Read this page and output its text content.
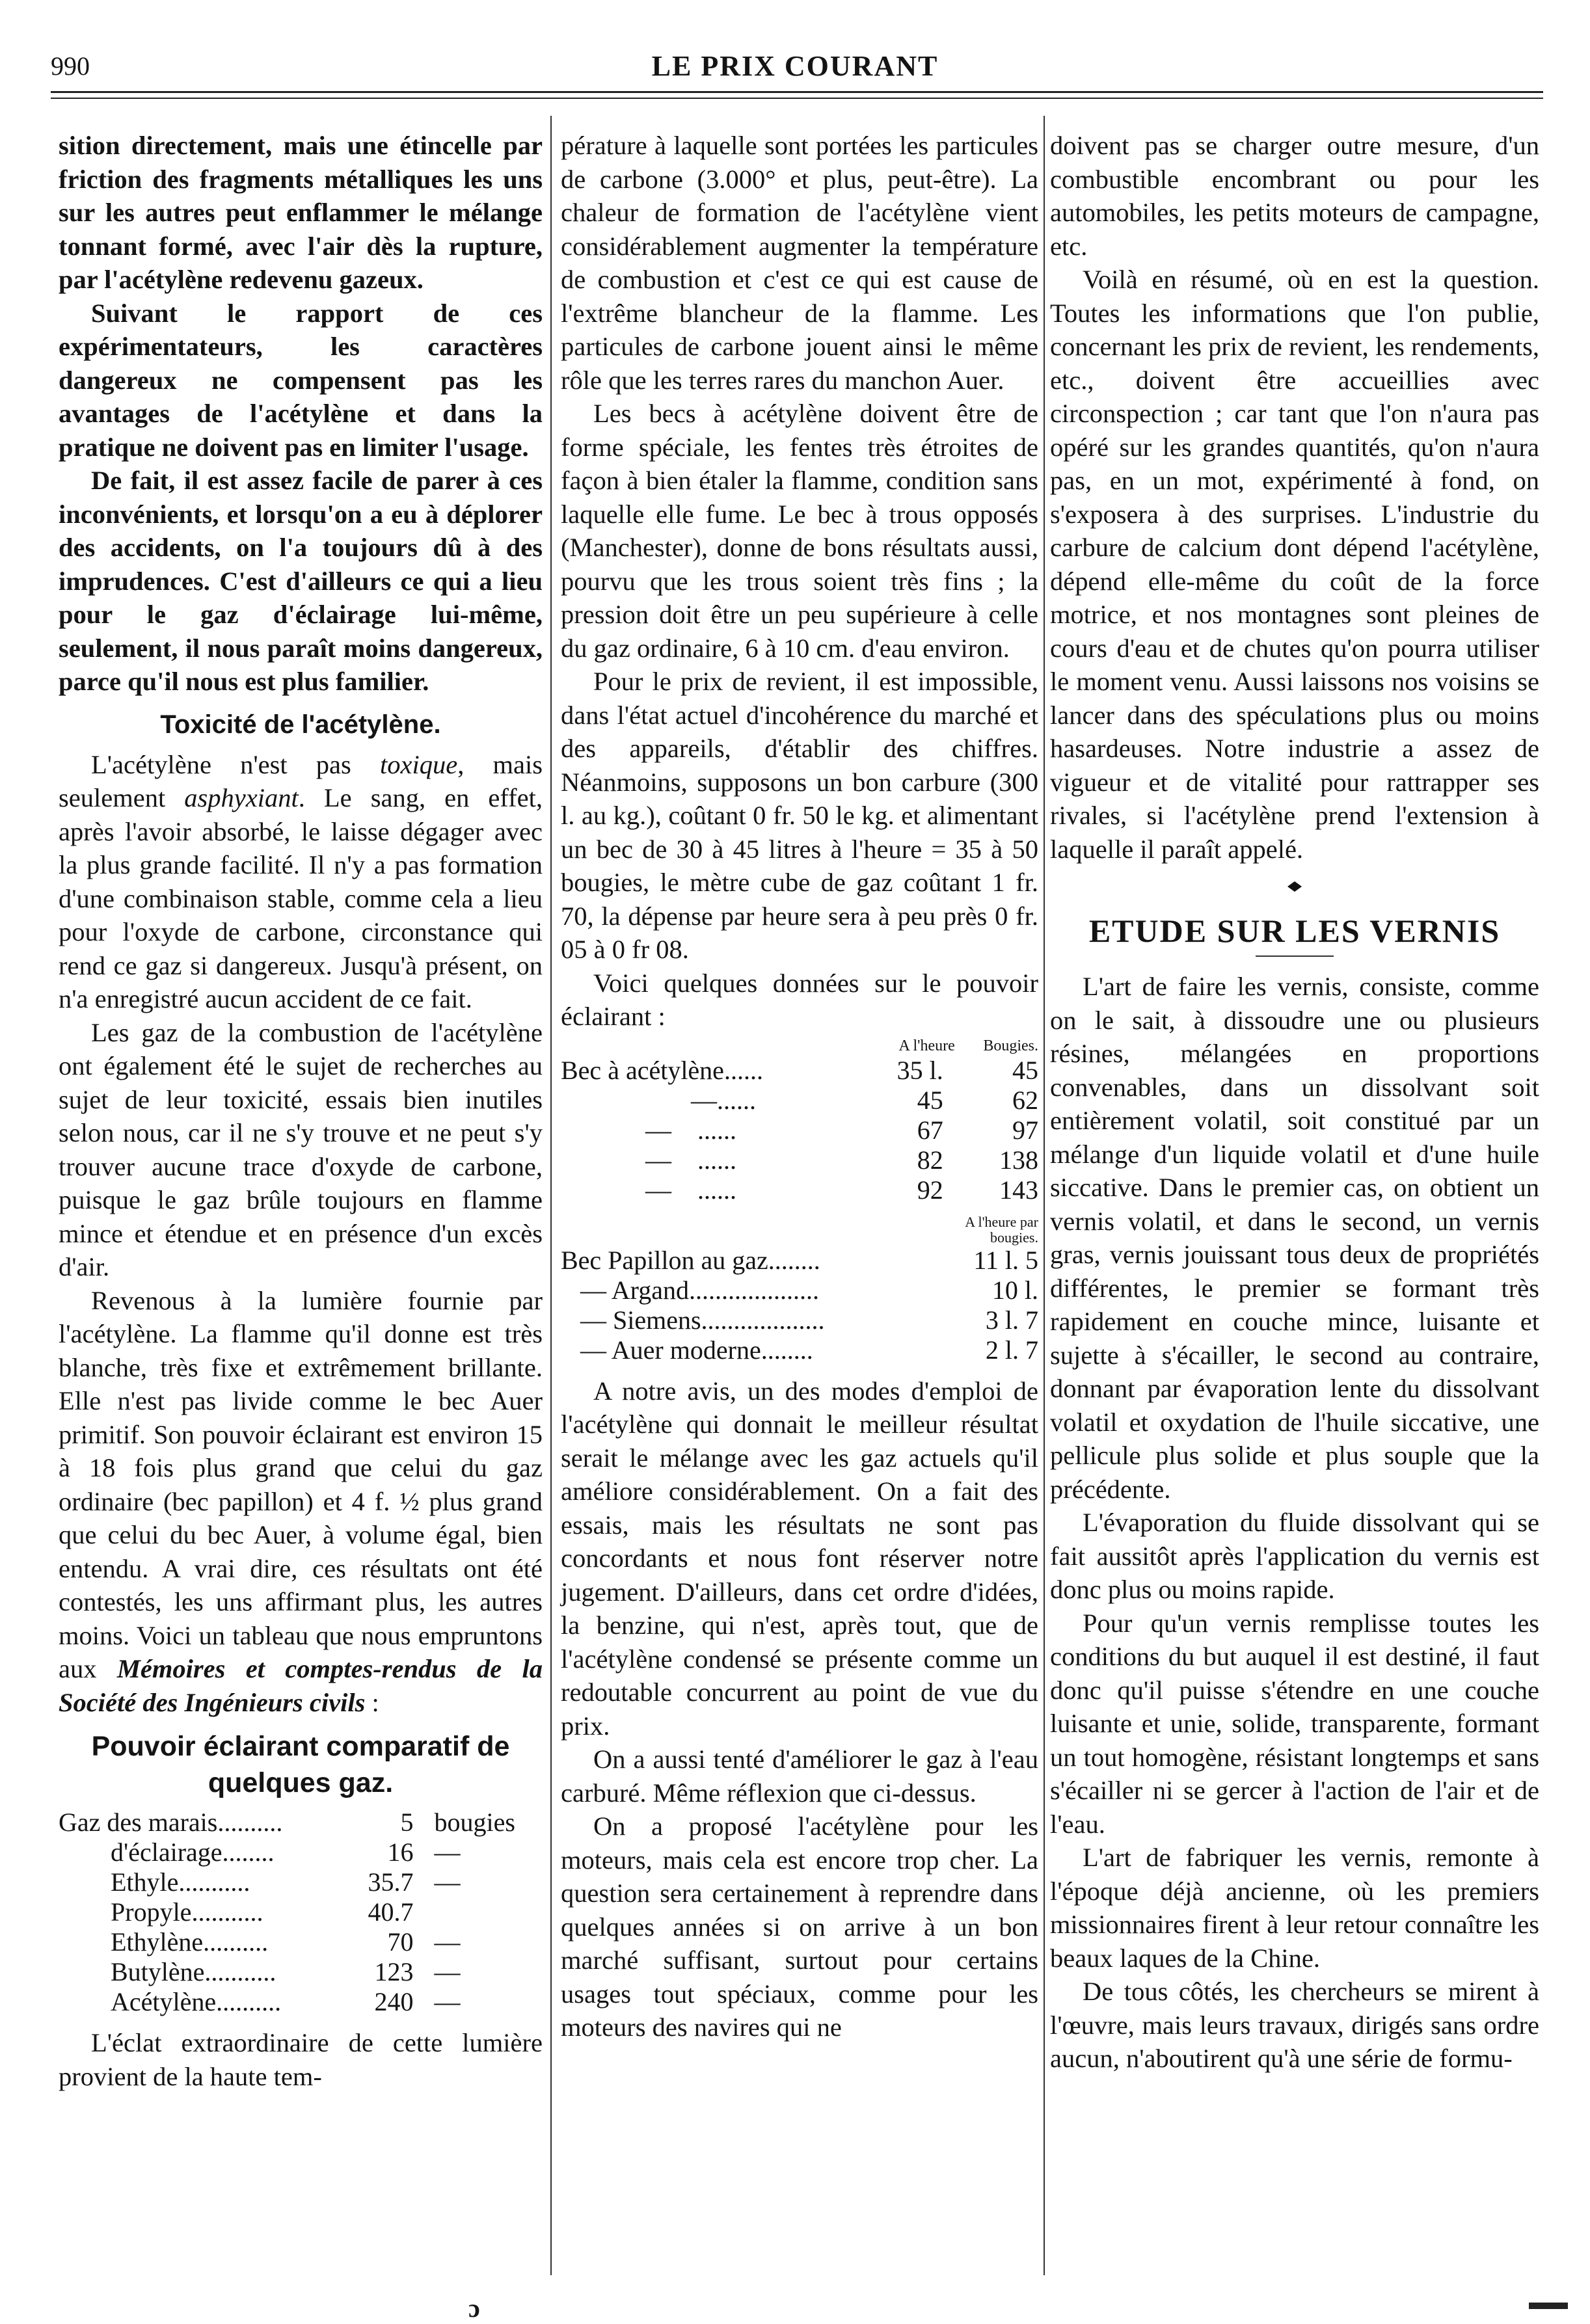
990	LE PRIX COURANT

sition directement, mais une étincelle par friction des fragments métalliques les uns sur les autres peut enflammer le mélange tonnant formé, avec l'air dès la rupture, par l'acétylène redevenu gazeux.

Suivant le rapport de ces expérimentateurs, les caractères dangereux ne compensent pas les avantages de l'acétylène et dans la pratique ne doivent pas en limiter l'usage.

De fait, il est assez facile de parer à ces inconvénients, et lorsqu'on a eu à déplorer des accidents, on l'a toujours dû à des imprudences. C'est d'ailleurs ce qui a lieu pour le gaz d'éclairage lui-même, seulement, il nous paraît moins dangereux, parce qu'il nous est plus familier.

Toxicité de l'acétylène.

L'acétylène n'est pas toxique, mais seulement asphyxiant. Le sang, en effet, après l'avoir absorbé, le laisse dégager avec la plus grande facilité. Il n'y a pas formation d'une combinaison stable, comme cela a lieu pour l'oxyde de carbone, circonstance qui rend ce gaz si dangereux. Jusqu'à présent, on n'a enregistré aucun accident de ce fait.

Les gaz de la combustion de l'acétylène ont également été le sujet de recherches au sujet de leur toxicité, essais bien inutiles selon nous, car il ne s'y trouve et ne peut s'y trouver aucune trace d'oxyde de carbone, puisque le gaz brûle toujours en flamme mince et étendue et en présence d'un excès d'air.

Revenous à la lumière fournie par l'acétylène. La flamme qu'il donne est très blanche, très fixe et extrêmement brillante. Elle n'est pas livide comme le bec Auer primitif. Son pouvoir éclairant est environ 15 à 18 fois plus grand que celui du gaz ordinaire (bec papillon) et 4 f. ½ plus grand que celui du bec Auer, à volume égal, bien entendu. A vrai dire, ces résultats ont été contestés, les uns affirmant plus, les autres moins. Voici un tableau que nous empruntons aux Mémoires et comptes-rendus de la Société des Ingénieurs civils :

Pouvoir éclairant comparatif de quelques gaz.
Gaz des marais..........	5	bougies
d'éclairage........	16	—
Ethyle...........	35.7	—
Propyle...........	40.7	
Ethylène..........	70	—
Butylène...........	123	—
Acétylène..........	240	—

L'éclat extraordinaire de cette lumière provient de la haute tem-

pérature à laquelle sont portées les particules de carbone (3.000° et plus, peut-être). La chaleur de formation de l'acétylène vient considérablement augmenter la température de combustion et c'est ce qui est cause de l'extrême blancheur de la flamme. Les particules de carbone jouent ainsi le même rôle que les terres rares du manchon Auer.

Les becs à acétylène doivent être de forme spéciale, les fentes très étroites de façon à bien étaler la flamme, condition sans laquelle elle fume. Le bec à trous opposés (Manchester), donne de bons résultats aussi, pourvu que les trous soient très fins ; la pression doit être un peu supérieure à celle du gaz ordinaire, 6 à 10 cm. d'eau environ.

Pour le prix de revient, il est impossible, dans l'état actuel d'incohérence du marché et des appareils, d'établir des chiffres. Néanmoins, supposons un bon carbure (300 l. au kg.), coûtant 0 fr. 50 le kg. et alimentant un bec de 30 à 45 litres à l'heure = 35 à 50 bougies, le mètre cube de gaz coûtant 1 fr. 70, la dépense par heure sera à peu près 0 fr. 05 à 0 fr 08.

Voici quelques données sur le pouvoir éclairant :

	A l'heure	Bougies.
Bec à acétylène......	35 l.	45
—......	45	62
— ......	67	97
— ......	82	138
— ......	92	143
	A l'heure par bougies.
Bec Papillon au gaz........	11 l. 5
— Argand....................	10 l.
— Siemens...................	3 l. 7
— Auer moderne........	2 l. 7

A notre avis, un des modes d'emploi de l'acétylène qui donnait le meilleur résultat serait le mélange avec les gaz actuels qu'il améliore considérablement. On a fait des essais, mais les résultats ne sont pas concordants et nous font réserver notre jugement. D'ailleurs, dans cet ordre d'idées, la benzine, qui n'est, après tout, que de l'acétylène condensé se présente comme un redoutable concurrent au point de vue du prix.

On a aussi tenté d'améliorer le gaz à l'eau carburé. Même réflexion que ci-dessus.

On a proposé l'acétylène pour les moteurs, mais cela est encore trop cher. La question sera certainement à reprendre dans quelques années si on arrive à un bon marché suffisant, surtout pour certains usages tout spéciaux, comme pour les moteurs des navires qui ne

doivent pas se charger outre mesure, d'un combustible encombrant ou pour les automobiles, les petits moteurs de campagne, etc.

Voilà en résumé, où en est la question. Toutes les informations que l'on publie, concernant les prix de revient, les rendements, etc., doivent être accueillies avec circonspection ; car tant que l'on n'aura pas opéré sur les grandes quantités, qu'on n'aura pas, en un mot, expérimenté à fond, on s'exposera à des surprises. L'industrie du carbure de calcium dont dépend l'acétylène, dépend elle-même du coût de la force motrice, et nos montagnes sont pleines de cours d'eau et de chutes qu'on pourra utiliser le moment venu. Aussi laissons nos voisins se lancer dans des spéculations plus ou moins hasardeuses. Notre industrie a assez de vigueur et de vitalité pour rattrapper ses rivales, si l'acétylène prend l'extension à laquelle il paraît appelé.

ETUDE SUR LES VERNIS

L'art de faire les vernis, consiste, comme on le sait, à dissoudre une ou plusieurs résines, mélangées en proportions convenables, dans un dissolvant soit entièrement volatil, soit constitué par un mélange d'un liquide volatil et d'une huile siccative. Dans le premier cas, on obtient un vernis volatil, et dans le second, un vernis gras, vernis jouissant tous deux de propriétés différentes, le premier se formant très rapidement en couche mince, luisante et sujette à s'écailler, le second au contraire, donnant par évaporation lente du dissolvant volatil et oxydation de l'huile siccative, une pellicule plus solide et plus souple que la précédente.

L'évaporation du fluide dissolvant qui se fait aussitôt après l'application du vernis est donc plus ou moins rapide.

Pour qu'un vernis remplisse toutes les conditions du but auquel il est destiné, il faut donc qu'il puisse s'étendre en une couche luisante et unie, solide, transparente, formant un tout homogène, résistant longtemps et sans s'écailler ni se gercer à l'action de l'air et de l'eau.

L'art de fabriquer les vernis, remonte à l'époque déjà ancienne, où les premiers missionnaires firent à leur retour connaître les beaux laques de la Chine.

De tous côtés, les chercheurs se mirent à l'œuvre, mais leurs travaux, dirigés sans ordre aucun, n'aboutirent qu'à une série de formu-

ɔ
